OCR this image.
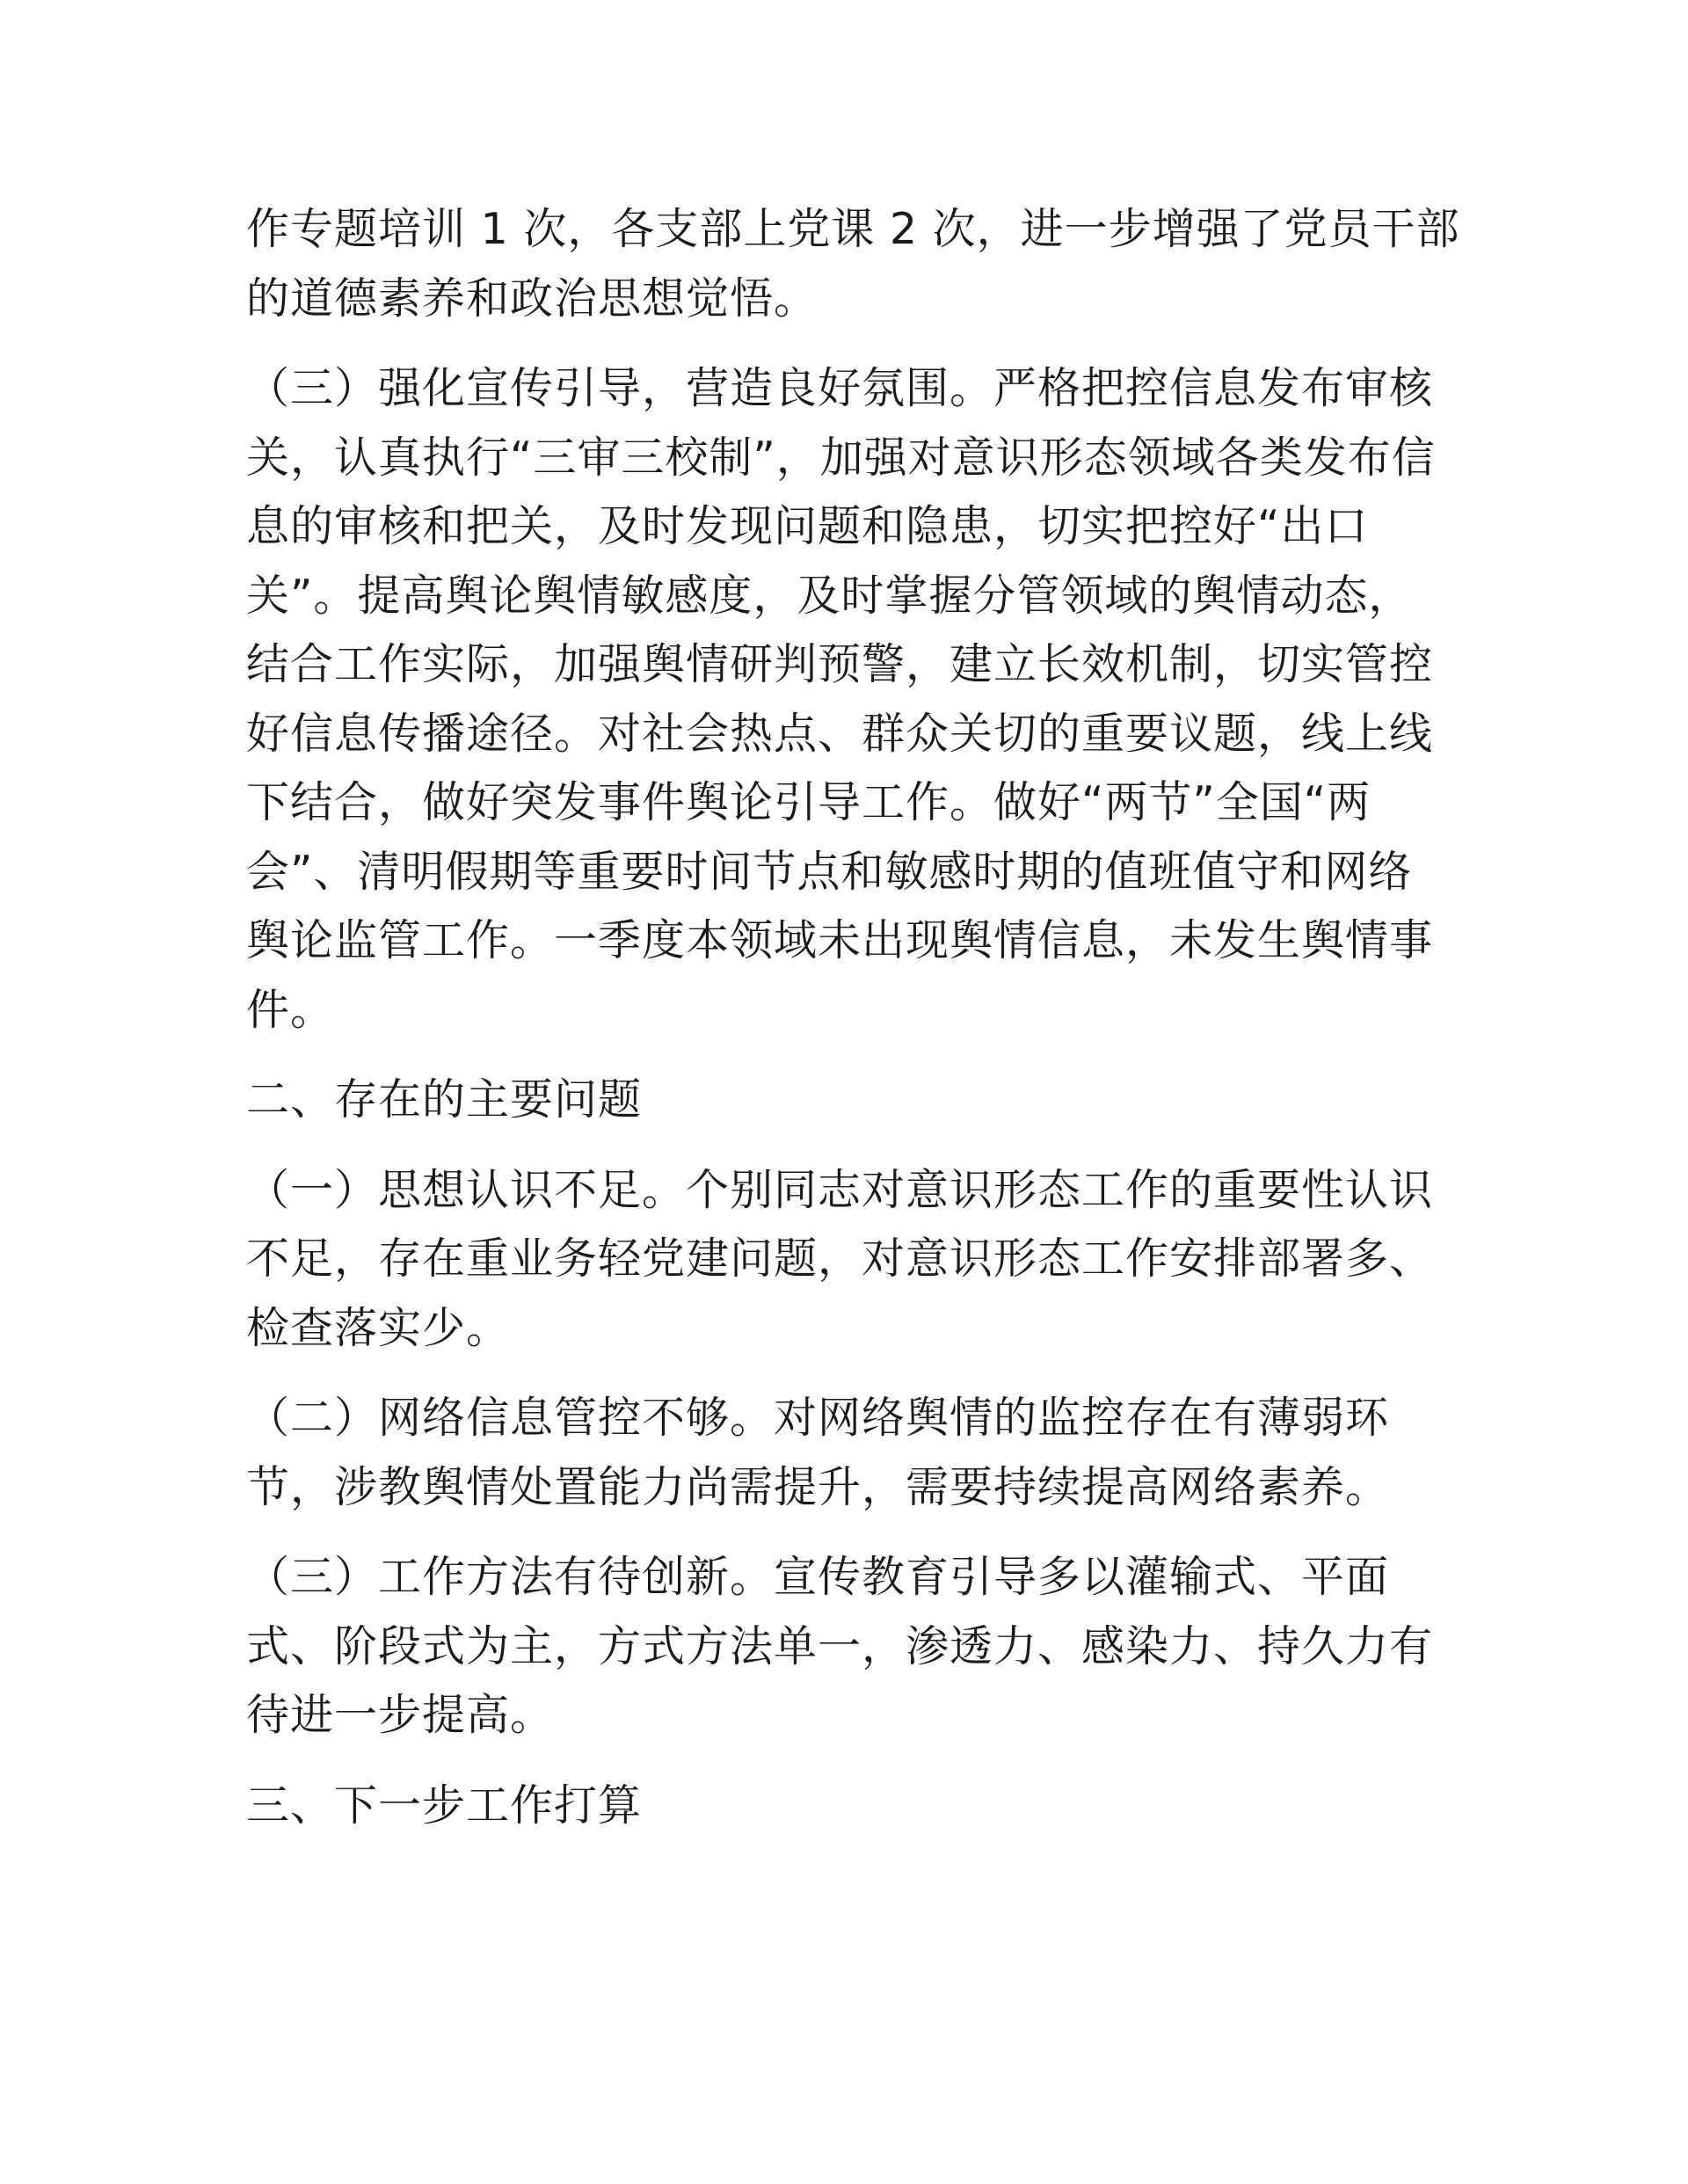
作专题培训 1 次，各支部上党课 2 次，进一步增强了党员干部
的道德素养和政治思想觉悟。
（三）强化宣传引导，营造良好氛围。严格把控信息发布审核
关，认真执行“三审三校制”，加强对意识形态领域各类发布信
息的审核和把关，及时发现问题和隐患，切实把控好“出口
关”。提高舆论舆情敏感度，及时掌握分管领域的舆情动态，
结合工作实际，加强舆情研判预警，建立长效机制，切实管控
好信息传播途径。对社会热点、群众关切的重要议题，线上线
下结合，做好突发事件舆论引导工作。做好“两节”全国“两
会”、清明假期等重要时间节点和敏感时期的值班值守和网络
舆论监管工作。一季度本领域未出现舆情信息，未发生舆情事
件。
二、存在的主要问题
（一）思想认识不足。个别同志对意识形态工作的重要性认识
不足，存在重业务轻党建问题，对意识形态工作安排部署多、
检查落实少。
（二）网络信息管控不够。对网络舆情的监控存在有薄弱环
节，涉教舆情处置能力尚需提升，需要持续提高网络素养。
（三）工作方法有待创新。宣传教育引导多以灌输式、平面
式、阶段式为主，方式方法单一，渗透力、感染力、持久力有
待进一步提高。
三、下一步工作打算
